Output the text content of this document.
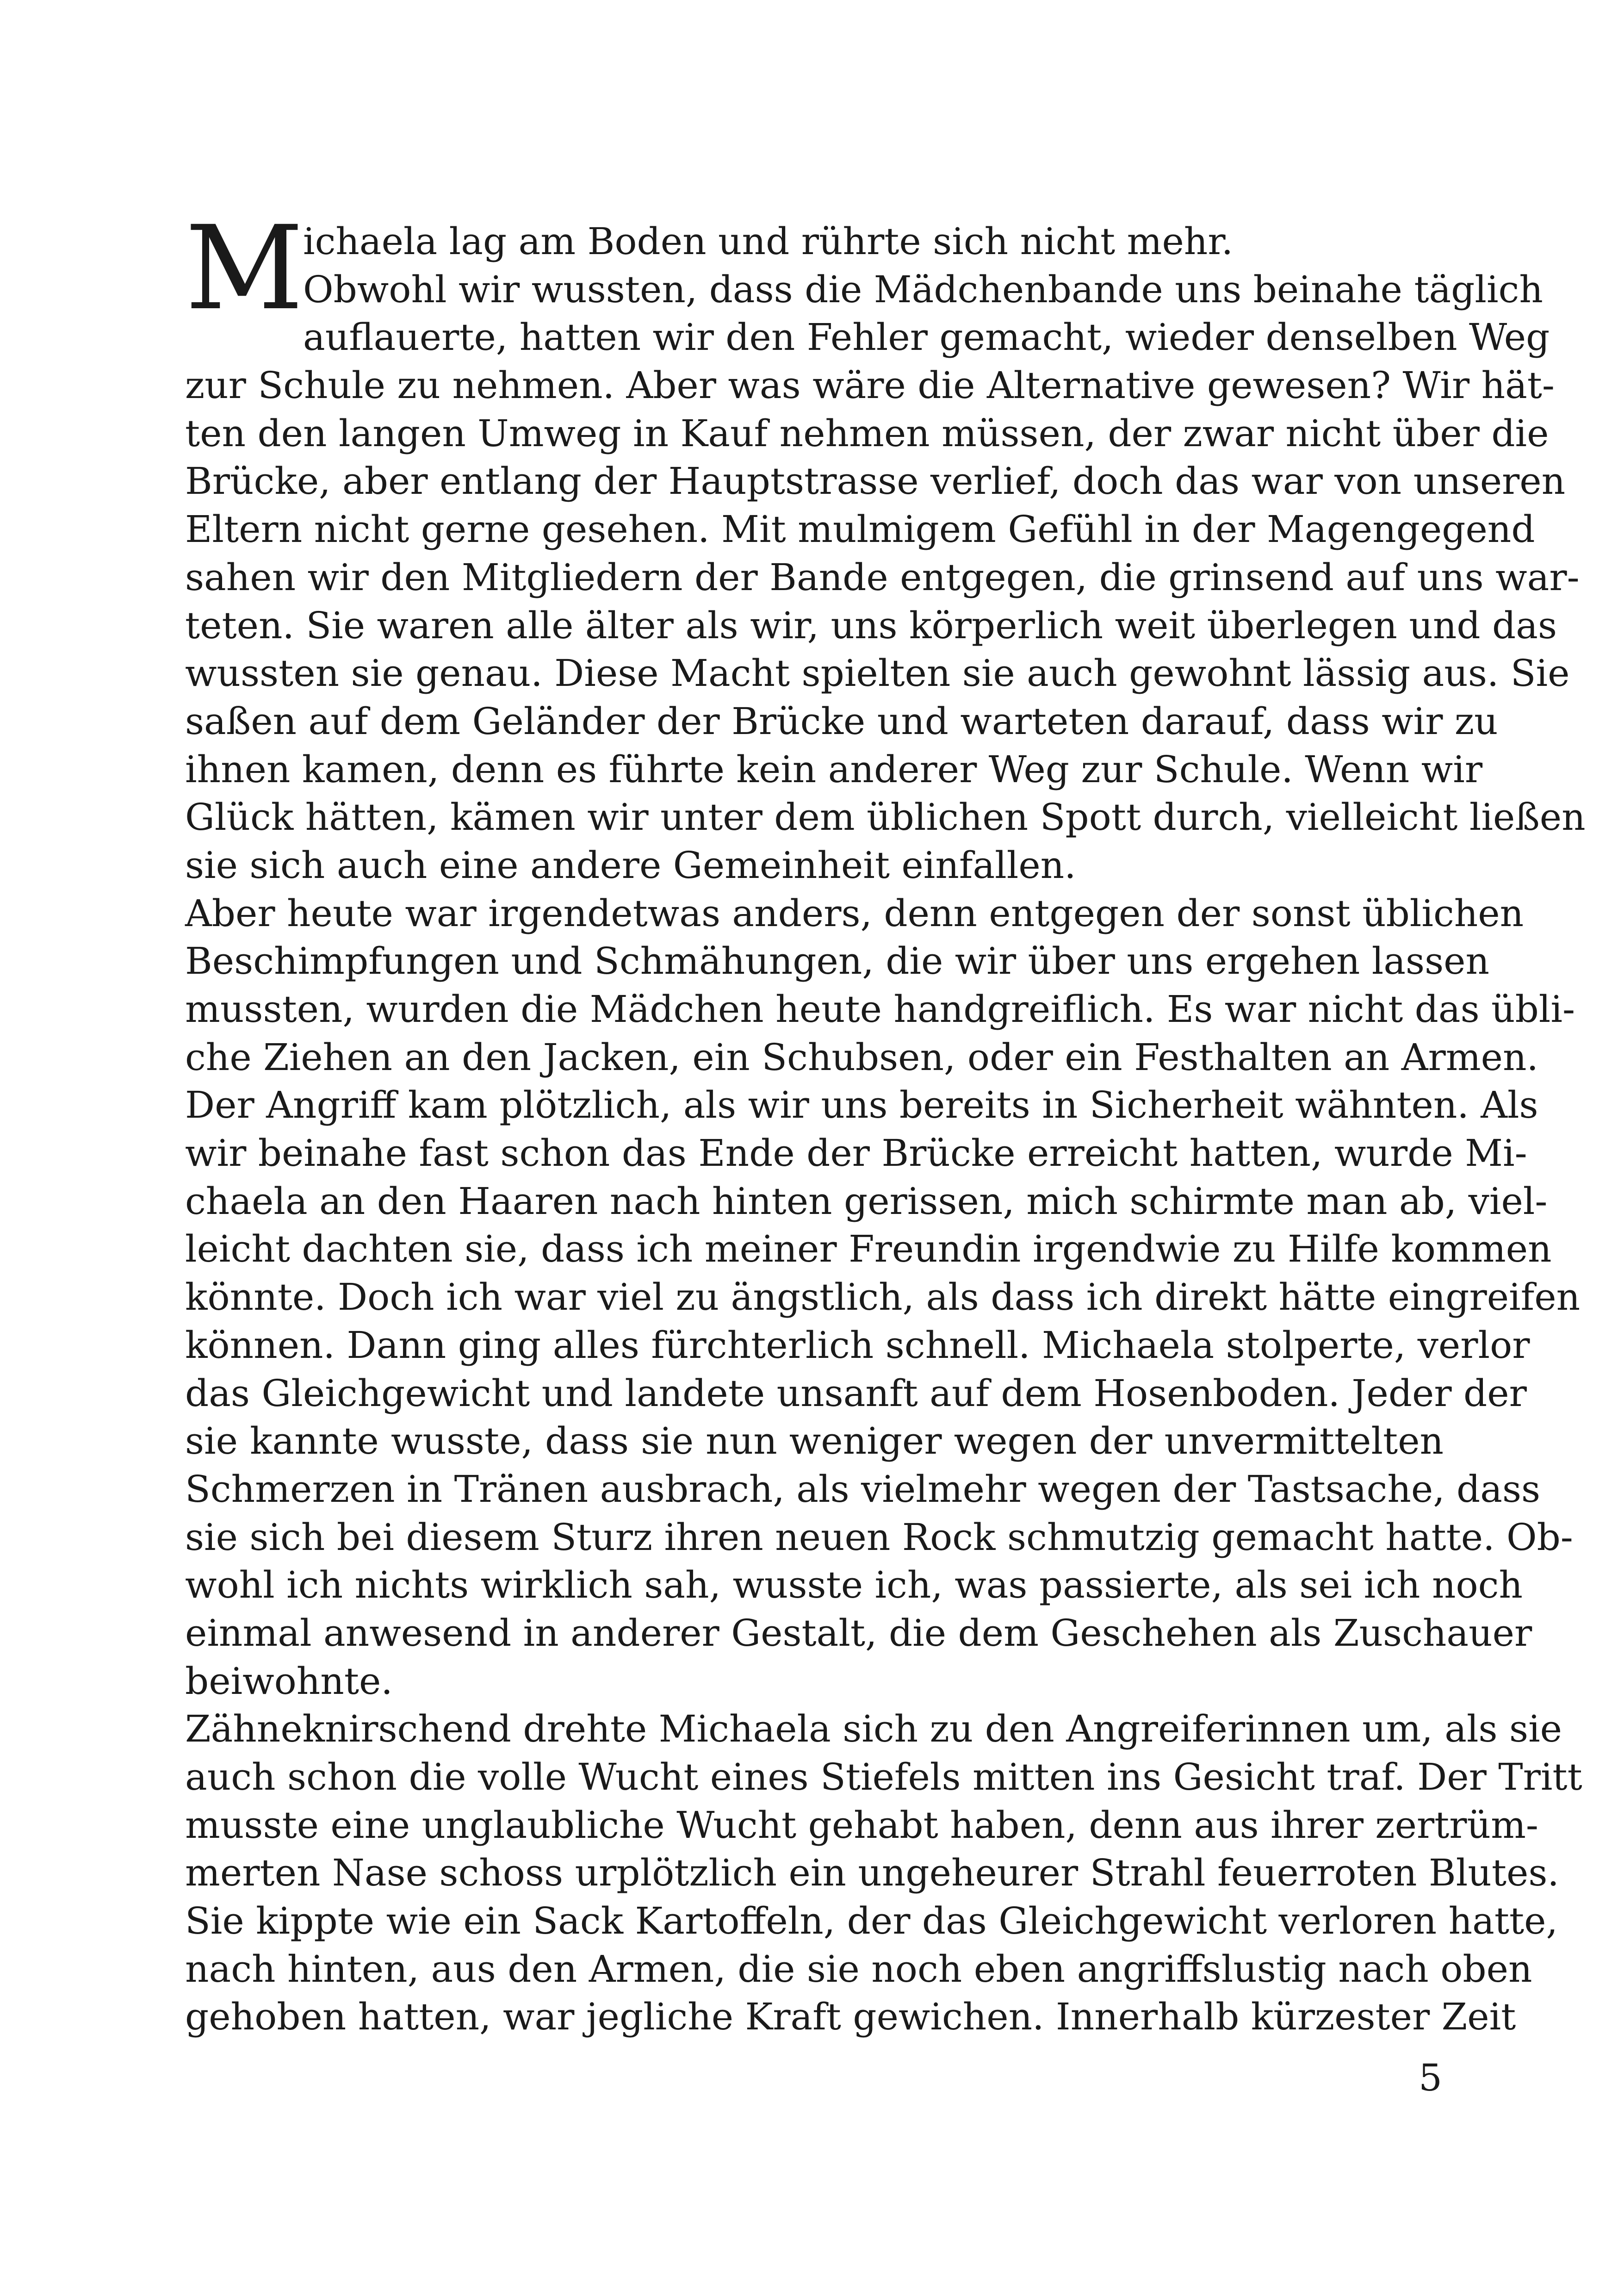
M ichaela lag am Boden und rührte sich nicht mehr.
Obwohl wir wussten, dass die Mädchenbande uns beinahe täglich
auflauerte, hatten wir den Fehler gemacht, wieder denselben Weg
zur Schule zu nehmen. Aber was wäre die Alternative gewesen? Wir hät-
ten den langen Umweg in Kauf nehmen müssen, der zwar nicht über die
Brücke, aber entlang der Hauptstrasse verlief, doch das war von unseren
Eltern nicht gerne gesehen. Mit mulmigem Gefühl in der Magengegend
sahen wir den Mitgliedern der Bande entgegen, die grinsend auf uns war-
teten. Sie waren alle älter als wir, uns körperlich weit überlegen und das
wussten sie genau. Diese Macht spielten sie auch gewohnt lässig aus. Sie
saßen auf dem Geländer der Brücke und warteten darauf, dass wir zu
ihnen kamen, denn es führte kein anderer Weg zur Schule. Wenn wir
Glück hätten, kämen wir unter dem üblichen Spott durch, vielleicht ließen
sie sich auch eine andere Gemeinheit einfallen.
Aber heute war irgendetwas anders, denn entgegen der sonst üblichen
Beschimpfungen und Schmähungen, die wir über uns ergehen lassen
mussten, wurden die Mädchen heute handgreiflich. Es war nicht das übli-
che Ziehen an den Jacken, ein Schubsen, oder ein Festhalten an Armen.
Der Angriff kam plötzlich, als wir uns bereits in Sicherheit wähnten. Als
wir beinahe fast schon das Ende der Brücke erreicht hatten, wurde Mi-
chaela an den Haaren nach hinten gerissen, mich schirmte man ab, viel-
leicht dachten sie, dass ich meiner Freundin irgendwie zu Hilfe kommen
könnte. Doch ich war viel zu ängstlich, als dass ich direkt hätte eingreifen
können. Dann ging alles fürchterlich schnell. Michaela stolperte, verlor
das Gleichgewicht und landete unsanft auf dem Hosenboden. Jeder der
sie kannte wusste, dass sie nun weniger wegen der unvermittelten
Schmerzen in Tränen ausbrach, als vielmehr wegen der Tastsache, dass
sie sich bei diesem Sturz ihren neuen Rock schmutzig gemacht hatte. Ob-
wohl ich nichts wirklich sah, wusste ich, was passierte, als sei ich noch
einmal anwesend in anderer Gestalt, die dem Geschehen als Zuschauer
beiwohnte.
Zähneknirschend drehte Michaela sich zu den Angreiferinnen um, als sie
auch schon die volle Wucht eines Stiefels mitten ins Gesicht traf. Der Tritt
musste eine unglaubliche Wucht gehabt haben, denn aus ihrer zertrüm-
merten Nase schoss urplötzlich ein ungeheurer Strahl feuerroten Blutes.
Sie kippte wie ein Sack Kartoffeln, der das Gleichgewicht verloren hatte,
nach hinten, aus den Armen, die sie noch eben angriffslustig nach oben
gehoben hatten, war jegliche Kraft gewichen. Innerhalb kürzester Zeit
5
